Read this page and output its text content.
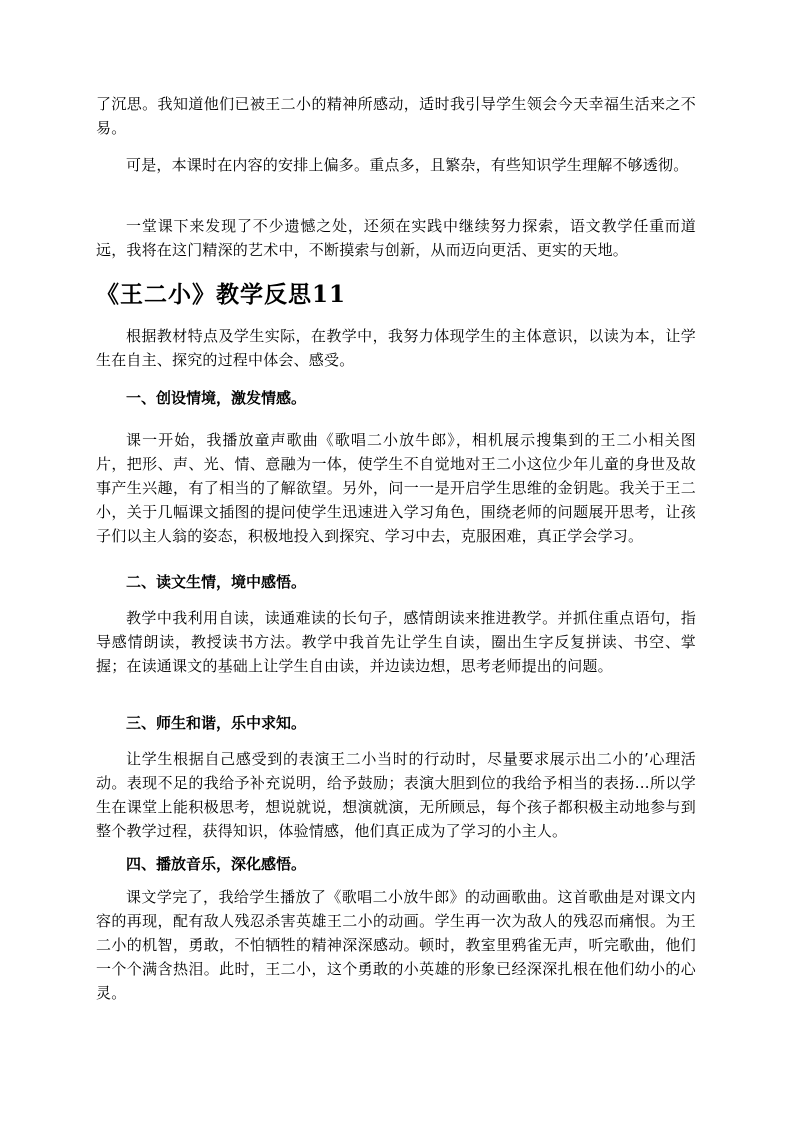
了沉思。我知道他们已被王二小的精神所感动，适时我引导学生领会今天幸福生活来之不易。

可是，本课时在内容的安排上偏多。重点多，且繁杂，有些知识学生理解不够透彻。

一堂课下来发现了不少遗憾之处，还须在实践中继续努力探索，语文教学任重而道远，我将在这门精深的艺术中，不断摸索与创新，从而迈向更活、更实的天地。

《王二小》教学反思11

根据教材特点及学生实际，在教学中，我努力体现学生的主体意识，以读为本，让学生在自主、探究的过程中体会、感受。

一、创设情境，激发情感。

课一开始，我播放童声歌曲《歌唱二小放牛郎》，相机展示搜集到的王二小相关图片，把形、声、光、情、意融为一体，使学生不自觉地对王二小这位少年儿童的身世及故事产生兴趣，有了相当的了解欲望。另外，问一一是开启学生思维的金钥匙。我关于王二小，关于几幅课文插图的提问使学生迅速进入学习角色，围绕老师的问题展开思考，让孩子们以主人翁的姿态，积极地投入到探究、学习中去，克服困难，真正学会学习。

二、读文生情，境中感悟。

教学中我利用自读，读通难读的长句子，感情朗读来推进教学。并抓住重点语句，指导感情朗读，教授读书方法。教学中我首先让学生自读，圈出生字反复拼读、书空、掌握；在读通课文的基础上让学生自由读，并边读边想，思考老师提出的问题。

三、师生和谐，乐中求知。

让学生根据自己感受到的表演王二小当时的行动时，尽量要求展示出二小的’心理活动。表现不足的我给予补充说明，给予鼓励；表演大胆到位的我给予相当的表扬…所以学生在课堂上能积极思考，想说就说，想演就演，无所顾忌，每个孩子都积极主动地参与到整个教学过程，获得知识，体验情感，他们真正成为了学习的小主人。

四、播放音乐，深化感悟。

课文学完了，我给学生播放了《歌唱二小放牛郎》的动画歌曲。这首歌曲是对课文内容的再现，配有敌人残忍杀害英雄王二小的动画。学生再一次为敌人的残忍而痛恨。为王二小的机智，勇敢，不怕牺牲的精神深深感动。顿时，教室里鸦雀无声，听完歌曲，他们一个个满含热泪。此时，王二小，这个勇敢的小英雄的形象已经深深扎根在他们幼小的心灵。
